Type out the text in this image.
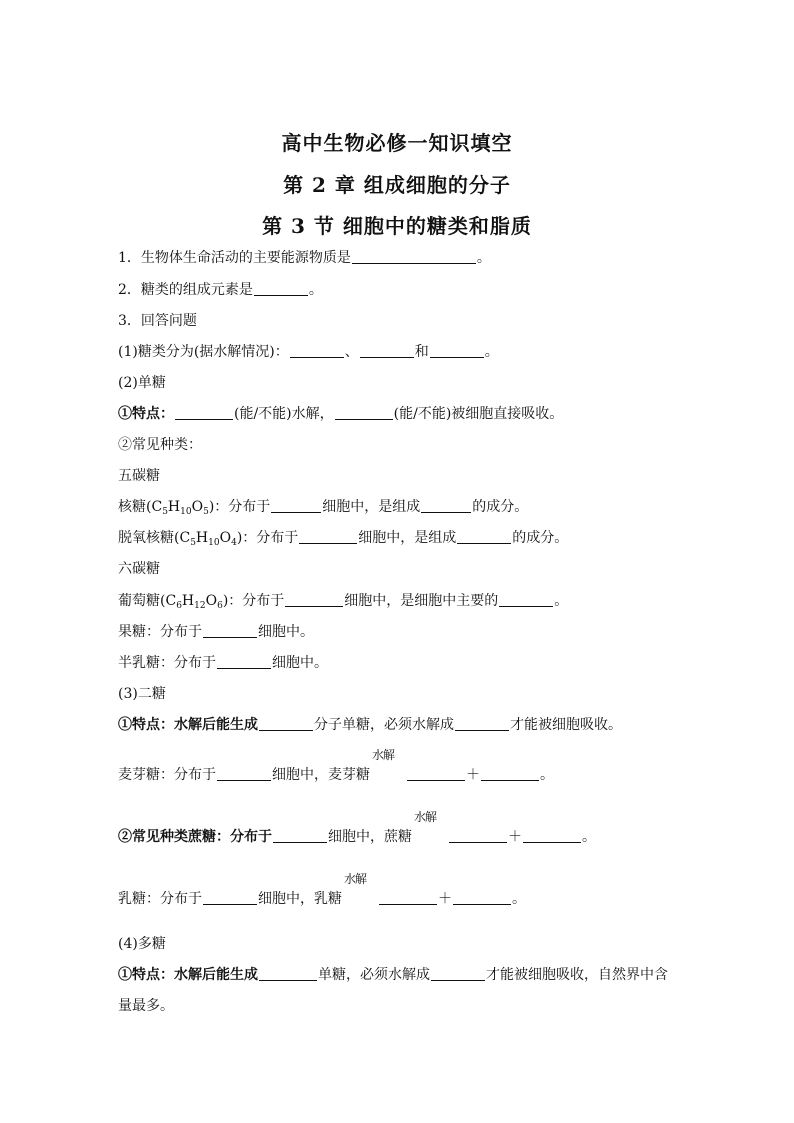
高中生物必修一知识填空
第 2 章 组成细胞的分子
第 3 节 细胞中的糖类和脂质
1．生物体生命活动的主要能源物质是	。
2．糖类的组成元素是	。
3．回答问题
(1)糖类分为(据水解情况)：	、	和	。
(2)单糖
①特点：	(能/不能)水解，	(能/不能)被细胞直接吸收。
②常见种类：
五碳糖
核糖$(C_5H_{10}O_5)$：分布于	细胞中，是组成	的成分。
脱氧核糖$(C_5H_{10}O_4)$：分布于	细胞中，是组成	的成分。
六碳糖
葡萄糖$(C_6H_{12}O_6)$：分布于	细胞中，是细胞中主要的	。
果糖：分布于	细胞中。
半乳糖：分布于	细胞中。
(3)二糖
①特点：水解后能生成	分子单糖，必须水解成	才能被细胞吸收。
麦芽糖：分布于	细胞中，麦芽糖
水解
＋	。
②常见种类蔗糖：分布于	细胞中，蔗糖
水解
＋	。
乳糖：分布于	细胞中，乳糖
水解
＋	。
(4)多糖
①特点：水解后能生成	单糖，必须水解成	才能被细胞吸收，自然界中含
量最多。
